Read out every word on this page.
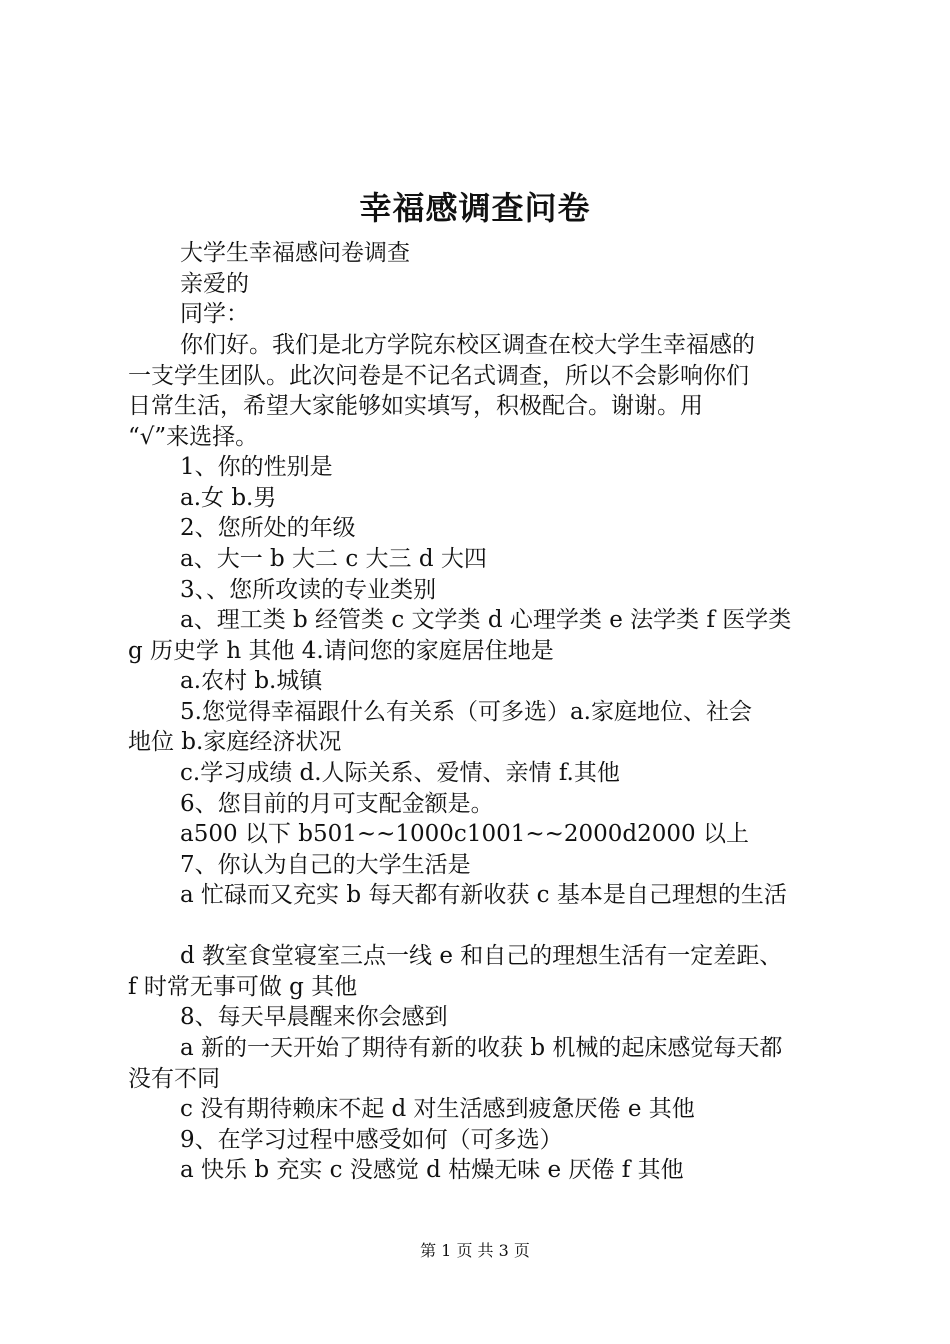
幸福感调查问卷
大学生幸福感问卷调查
亲爱的
同学：
你们好。我们是北方学院东校区调查在校大学生幸福感的
一支学生团队。此次问卷是不记名式调查，所以不会影响你们
日常生活，希望大家能够如实填写，积极配合。谢谢。用
“√”来选择。
1、你的性别是
a.女 b.男
2、您所处的年级
a、大一 b 大二 c 大三 d 大四
3、、您所攻读的专业类别
a、理工类 b 经管类 c 文学类 d 心理学类 e 法学类 f 医学类
g 历史学 h 其他 4.请问您的家庭居住地是
a.农村 b.城镇
5.您觉得幸福跟什么有关系（可多选）a.家庭地位、社会
地位 b.家庭经济状况
c.学习成绩 d.人际关系、爱情、亲情 f.其他
6、您目前的月可支配金额是。
a500 以下 b501~~1000c1001~~2000d2000 以上
7、你认为自己的大学生活是
a 忙碌而又充实 b 每天都有新收获 c 基本是自己理想的生活
d 教室食堂寝室三点一线 e 和自己的理想生活有一定差距、
f 时常无事可做 g 其他
8、每天早晨醒来你会感到
a 新的一天开始了期待有新的收获 b 机械的起床感觉每天都
没有不同
c 没有期待赖床不起 d 对生活感到疲惫厌倦 e 其他
9、在学习过程中感受如何（可多选）
a 快乐 b 充实 c 没感觉 d 枯燥无味 e 厌倦 f 其他
第 1 页 共 3 页
